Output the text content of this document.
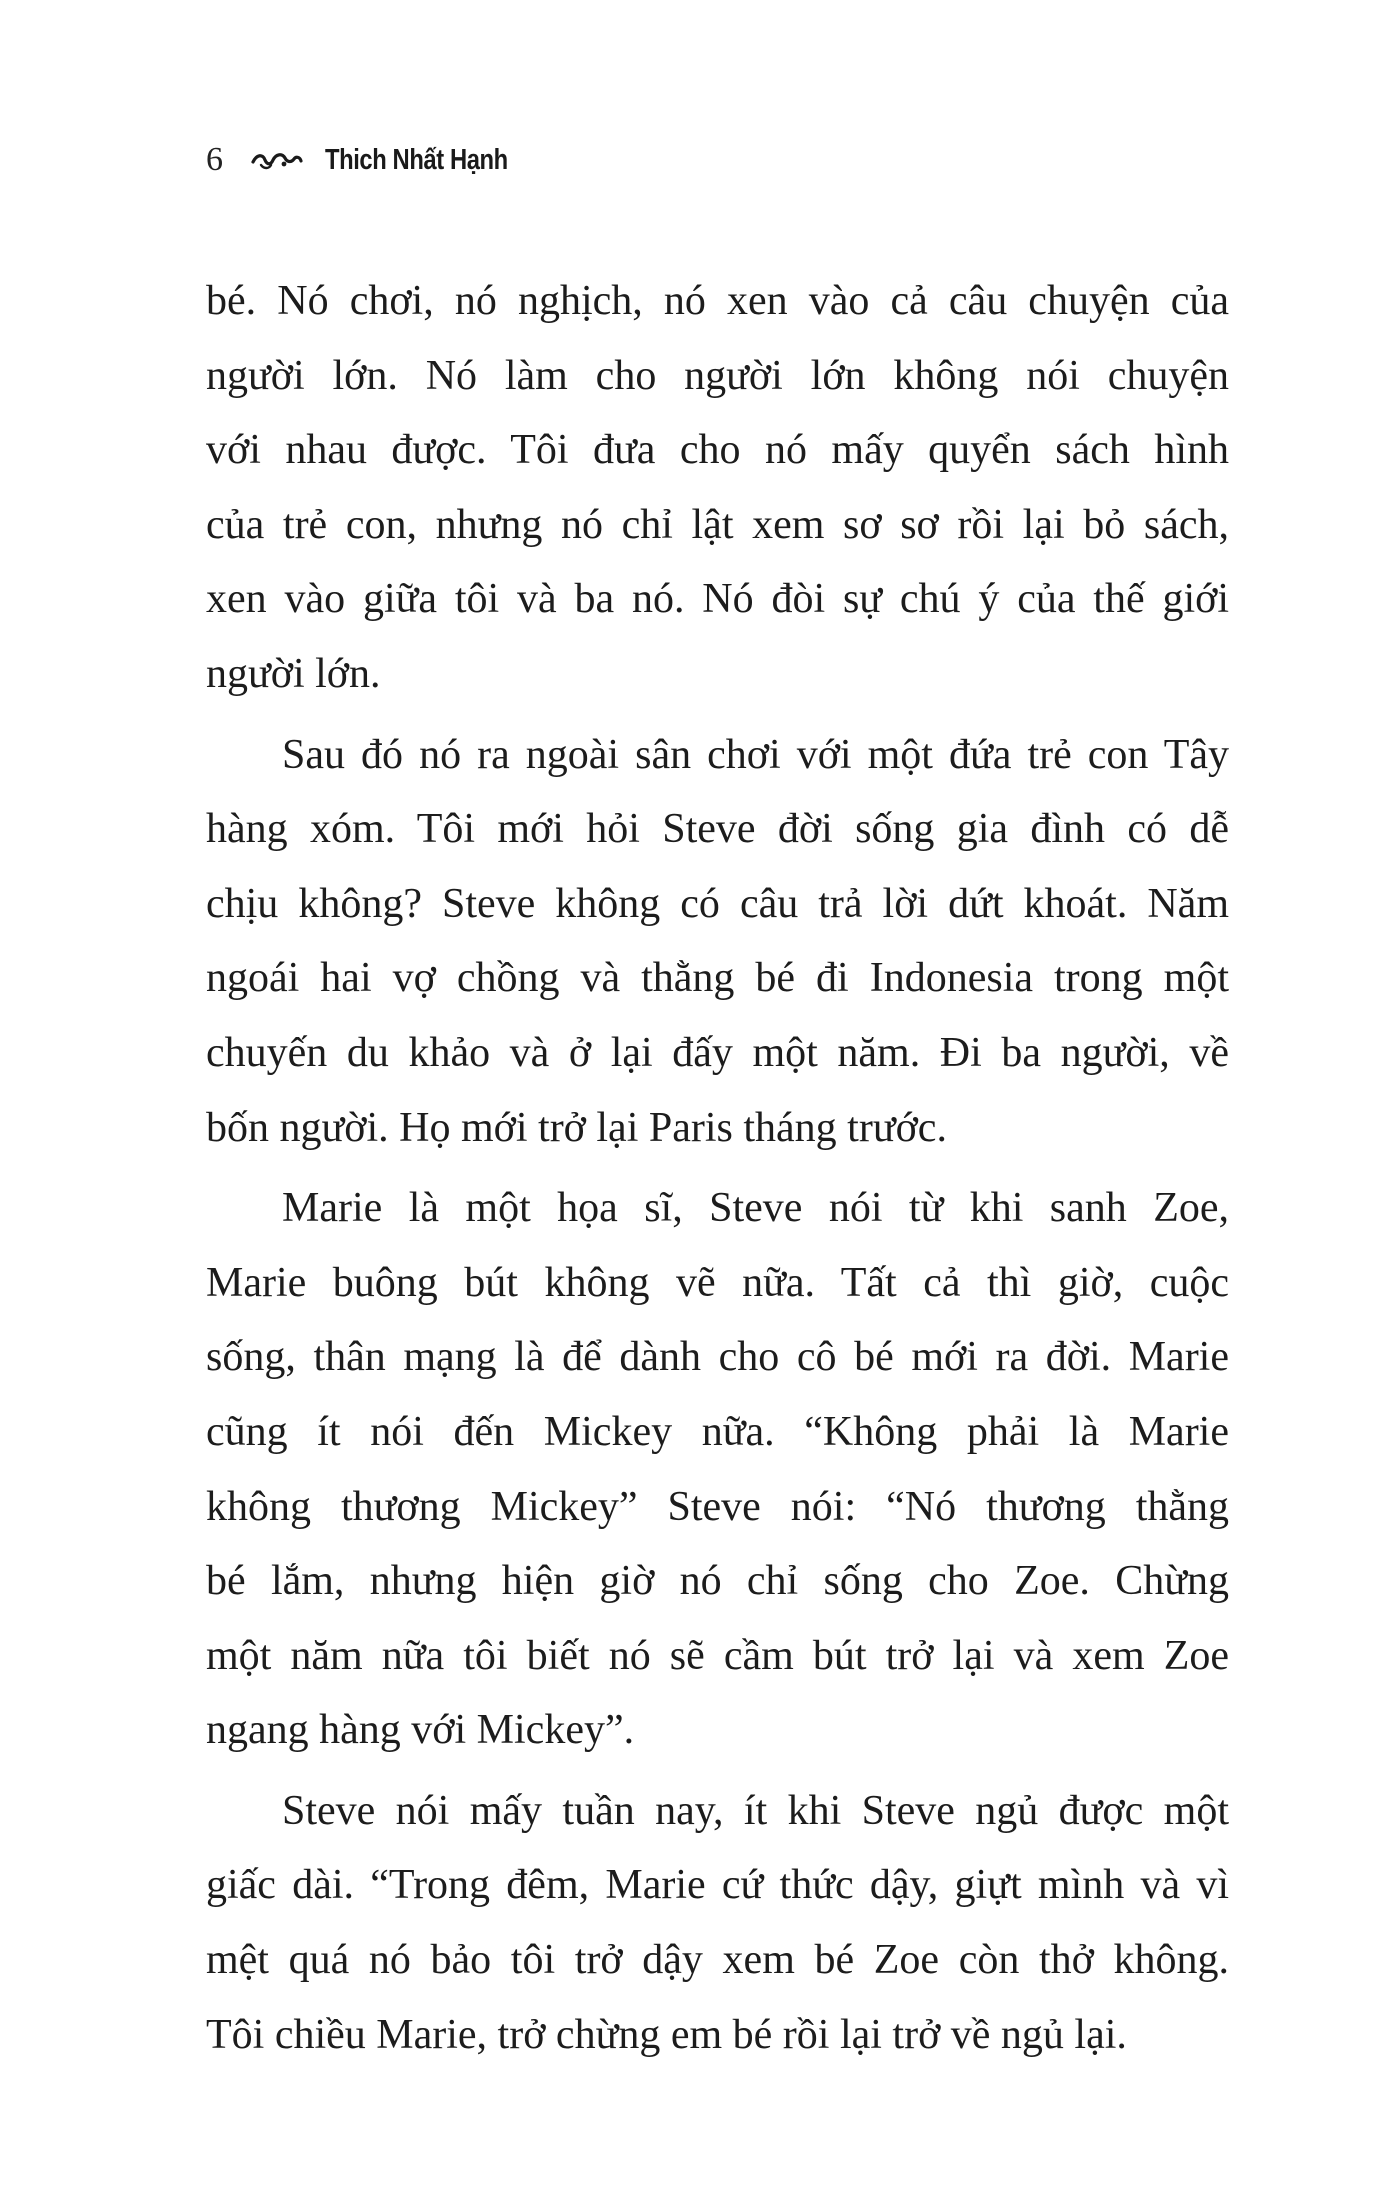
6	Thich Nhất Hạnh
bé. Nó chơi, nó nghịch, nó xen vào cả câu chuyện của
người lớn. Nó làm cho người lớn không nói chuyện
với nhau được. Tôi đưa cho nó mấy quyển sách hình
của trẻ con, nhưng nó chỉ lật xem sơ sơ rồi lại bỏ sách,
xen vào giữa tôi và ba nó. Nó đòi sự chú ý của thế giới
người lớn.
Sau đó nó ra ngoài sân chơi với một đứa trẻ con Tây
hàng xóm. Tôi mới hỏi Steve đời sống gia đình có dễ
chịu không? Steve không có câu trả lời dứt khoát. Năm
ngoái hai vợ chồng và thằng bé đi Indonesia trong một
chuyến du khảo và ở lại đấy một năm. Đi ba người, về
bốn người. Họ mới trở lại Paris tháng trước.
Marie là một họa sĩ, Steve nói từ khi sanh Zoe,
Marie buông bút không vẽ nữa. Tất cả thì giờ, cuộc
sống, thân mạng là để dành cho cô bé mới ra đời. Marie
cũng ít nói đến Mickey nữa. “Không phải là Marie
không thương Mickey” Steve nói: “Nó thương thằng
bé lắm, nhưng hiện giờ nó chỉ sống cho Zoe. Chừng
một năm nữa tôi biết nó sẽ cầm bút trở lại và xem Zoe
ngang hàng với Mickey”.
Steve nói mấy tuần nay, ít khi Steve ngủ được một
giấc dài. “Trong đêm, Marie cứ thức dậy, giựt mình và vì
mệt quá nó bảo tôi trở dậy xem bé Zoe còn thở không.
Tôi chiều Marie, trở chừng em bé rồi lại trở về ngủ lại.
